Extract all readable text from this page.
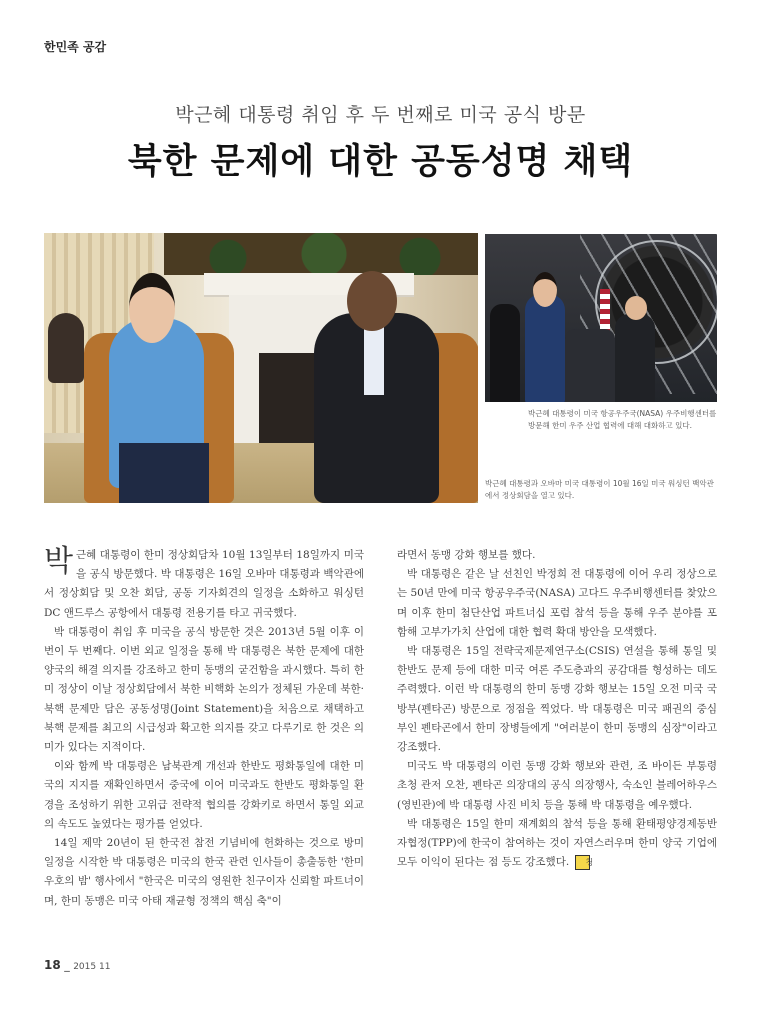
한민족 공감
박근혜 대통령 취임 후 두 번째로 미국 공식 방문
북한 문제에 대한 공동성명 채택
박근혜 대통령이 미국 항공우주국(NASA) 우주비행센터를 방문해 한미 우주 산업 협력에 대해 대화하고 있다.
박근혜 대통령과 오바마 미국 대통령이 10월 16일 미국 워싱턴 백악관에서 정상회담을 열고 있다.

박근혜 대통령이 한미 정상회담차 10월 13일부터 18일까지 미국을 공식 방문했다. 박 대통령은 16일 오바마 대통령과 백악관에서 정상회담 및 오찬 회담, 공동 기자회견의 일정을 소화하고 워싱턴DC 앤드루스 공항에서 대통령 전용기를 타고 귀국했다.

박 대통령이 취임 후 미국을 공식 방문한 것은 2013년 5월 이후 이번이 두 번째다. 이번 외교 일정을 통해 박 대통령은 북한 문제에 대한 양국의 해결 의지를 강조하고 한미 동맹의 굳건함을 과시했다. 특히 한미 정상이 이날 정상회담에서 북한 비핵화 논의가 정체된 가운데 북한·북핵 문제만 담은 공동성명(Joint Statement)을 처음으로 채택하고 북핵 문제를 최고의 시급성과 확고한 의지를 갖고 다루기로 한 것은 의미가 있다는 지적이다.

이와 함께 박 대통령은 남북관계 개선과 한반도 평화통일에 대한 미국의 지지를 재확인하면서 중국에 이어 미국과도 한반도 평화통일 환경을 조성하기 위한 고위급 전략적 협의를 강화키로 하면서 통일 외교의 속도도 높였다는 평가를 얻었다.

14일 제막 20년이 된 한국전 참전 기념비에 헌화하는 것으로 방미 일정을 시작한 박 대통령은 미국의 한국 관련 인사들이 총출동한 '한미 우호의 밤' 행사에서 "한국은 미국의 영원한 친구이자 신뢰할 파트너이며, 한미 동맹은 미국 아태 재균형 정책의 핵심 축"이

라면서 동맹 강화 행보를 했다.

박 대통령은 같은 날 선친인 박정희 전 대통령에 이어 우리 정상으로는 50년 만에 미국 항공우주국(NASA) 고다드 우주비행센터를 찾았으며 이후 한미 첨단산업 파트너십 포럼 참석 등을 통해 우주 분야를 포함해 고부가가치 산업에 대한 협력 확대 방안을 모색했다.

박 대통령은 15일 전략국제문제연구소(CSIS) 연설을 통해 통일 및 한반도 문제 등에 대한 미국 여론 주도층과의 공감대를 형성하는 데도 주력했다. 이런 박 대통령의 한미 동맹 강화 행보는 15일 오전 미국 국방부(펜타곤) 방문으로 정점을 찍었다. 박 대통령은 미국 패권의 중심부인 펜타곤에서 한미 장병들에게 "여러분이 한미 동맹의 심장"이라고 강조했다.

미국도 박 대통령의 이런 동맹 강화 행보와 관련, 조 바이든 부통령 초청 관저 오찬, 펜타곤 의장대의 공식 의장행사, 숙소인 블레어하우스(영빈관)에 박 대통령 사진 비치 등을 통해 박 대통령을 예우했다.

박 대통령은 15일 한미 재계회의 참석 등을 통해 환태평양경제동반자협정(TPP)에 한국이 참여하는 것이 자연스러우며 한미 양국 기업에 모두 이익이 된다는 점 등도 강조했다. 청

18 _ 2015 11
